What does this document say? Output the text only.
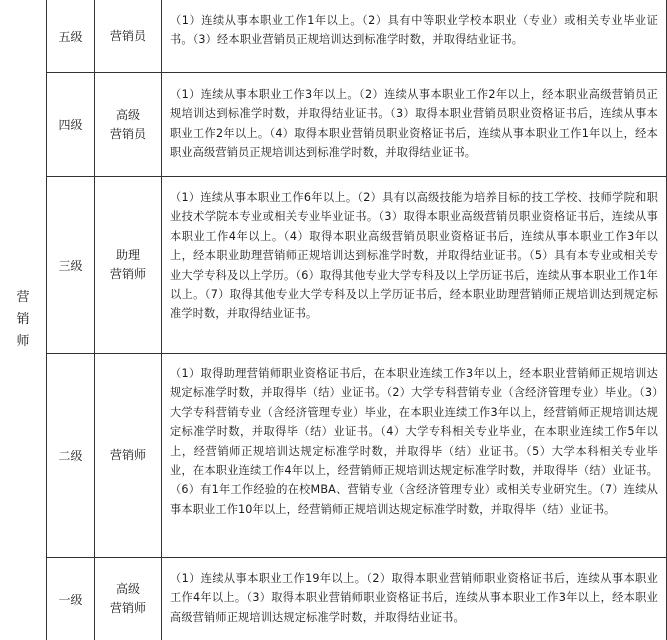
营销师
五级 营销员
（1）连续从事本职业工作1年以上。（2）具有中等职业学校本职业（专业）或相关专业毕业证书。（3）经本职业营销员正规培训达到标准学时数，并取得结业证书。
四级
高级
营销员
（1）连续从事本职业工作3年以上。（2）连续从事本职业工作2年以上，经本职业高级营销员正规培训达到标准学时数，并取得结业证书。（3）取得本职业营销员职业资格证书后，连续从事本职业工作2年以上。（4）取得本职业营销员职业资格证书后，连续从事本职业工作1年以上，经本职业高级营销员正规培训达到标准学时数，并取得结业证书。
三级
助理
营销师
（1）连续从事本职业工作6年以上。（2）具有以高级技能为培养目标的技工学校、技师学院和职业技术学院本专业或相关专业毕业证书。（3）取得本职业高级营销员职业资格证书后，连续从事本职业工作4年以上。（4）取得本职业高级营销员职业资格证书后，连续从事本职业工作3年以上，经本职业助理营销师正规培训达到标准学时数，并取得结业证书。（5）具有本专业或相关专业大学专科及以上学历。（6）取得其他专业大学专科及以上学历证书后，连续从事本职业工作1年以上。（7）取得其他专业大学专科及以上学历证书后，经本职业助理营销师正规培训达到规定标准学时数，并取得结业证书。
二级 营销师
（1）取得助理营销师职业资格证书后，在本职业连续工作3年以上，经本职业营销师正规培训达规定标准学时数，并取得毕（结）业证书。（2）大学专科营销专业（含经济管理专业）毕业。（3）大学专科营销专业（含经济管理专业）毕业，在本职业连续工作3年以上，经营销师正规培训达规定标准学时数，并取得毕（结）业证书。（4）大学专科相关专业毕业，在本职业连续工作5年以上，经营销师正规培训达规定标准学时数，并取得毕（结）业证书。（5）大学本科相关专业毕业，在本职业连续工作4年以上，经营销师正规培训达规定标准学时数，并取得毕（结）业证书。（6）有1年工作经验的在校MBA、营销专业（含经济管理专业）或相关专业研究生。（7）连续从事本职业工作10年以上，经营销师正规培训达规定标准学时数，并取得毕（结）业证书。
一级
高级
营销师
（1）连续从事本职业工作19年以上。（2）取得本职业营销师职业资格证书后，连续从事本职业工作4年以上。（3）取得本职业营销师职业资格证书后，连续从事本职业工作3年以上，经本职业高级营销师正规培训达规定标准学时数，并取得结业证书。
